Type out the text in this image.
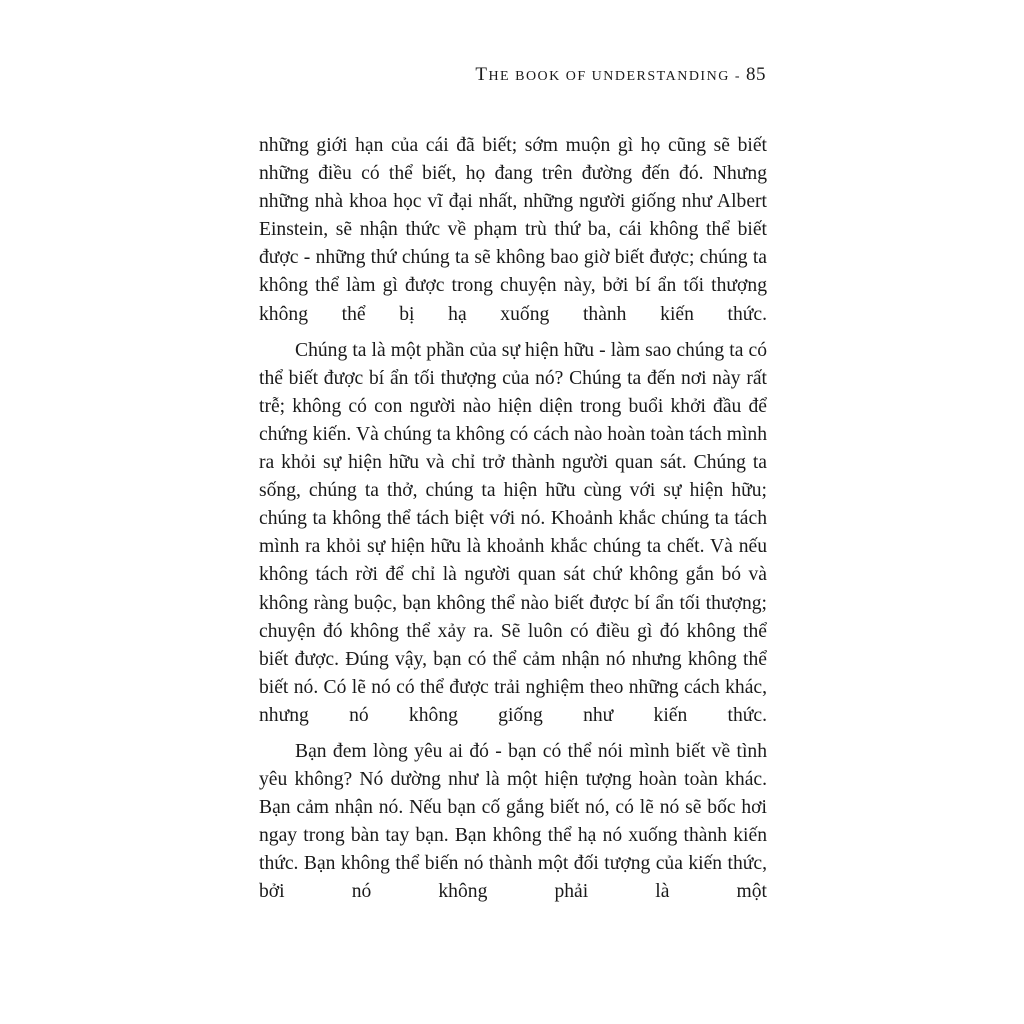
THE BOOK OF UNDERSTANDING - 85

những giới hạn của cái đã biết; sớm muộn gì họ cũng sẽ biết những điều có thể biết, họ đang trên đường đến đó. Nhưng những nhà khoa học vĩ đại nhất, những người giống như Albert Einstein, sẽ nhận thức về phạm trù thứ ba, cái không thể biết được - những thứ chúng ta sẽ không bao giờ biết được; chúng ta không thể làm gì được trong chuyện này, bởi bí ẩn tối thượng không thể bị hạ xuống thành kiến thức.

Chúng ta là một phần của sự hiện hữu - làm sao chúng ta có thể biết được bí ẩn tối thượng của nó? Chúng ta đến nơi này rất trễ; không có con người nào hiện diện trong buổi khởi đầu để chứng kiến. Và chúng ta không có cách nào hoàn toàn tách mình ra khỏi sự hiện hữu và chỉ trở thành người quan sát. Chúng ta sống, chúng ta thở, chúng ta hiện hữu cùng với sự hiện hữu; chúng ta không thể tách biệt với nó. Khoảnh khắc chúng ta tách mình ra khỏi sự hiện hữu là khoảnh khắc chúng ta chết. Và nếu không tách rời để chỉ là người quan sát chứ không gắn bó và không ràng buộc, bạn không thể nào biết được bí ẩn tối thượng; chuyện đó không thể xảy ra. Sẽ luôn có điều gì đó không thể biết được. Đúng vậy, bạn có thể cảm nhận nó nhưng không thể biết nó. Có lẽ nó có thể được trải nghiệm theo những cách khác, nhưng nó không giống như kiến thức.

Bạn đem lòng yêu ai đó - bạn có thể nói mình biết về tình yêu không? Nó dường như là một hiện tượng hoàn toàn khác. Bạn cảm nhận nó. Nếu bạn cố gắng biết nó, có lẽ nó sẽ bốc hơi ngay trong bàn tay bạn. Bạn không thể hạ nó xuống thành kiến thức. Bạn không thể biến nó thành một đối tượng của kiến thức, bởi nó không phải là một
